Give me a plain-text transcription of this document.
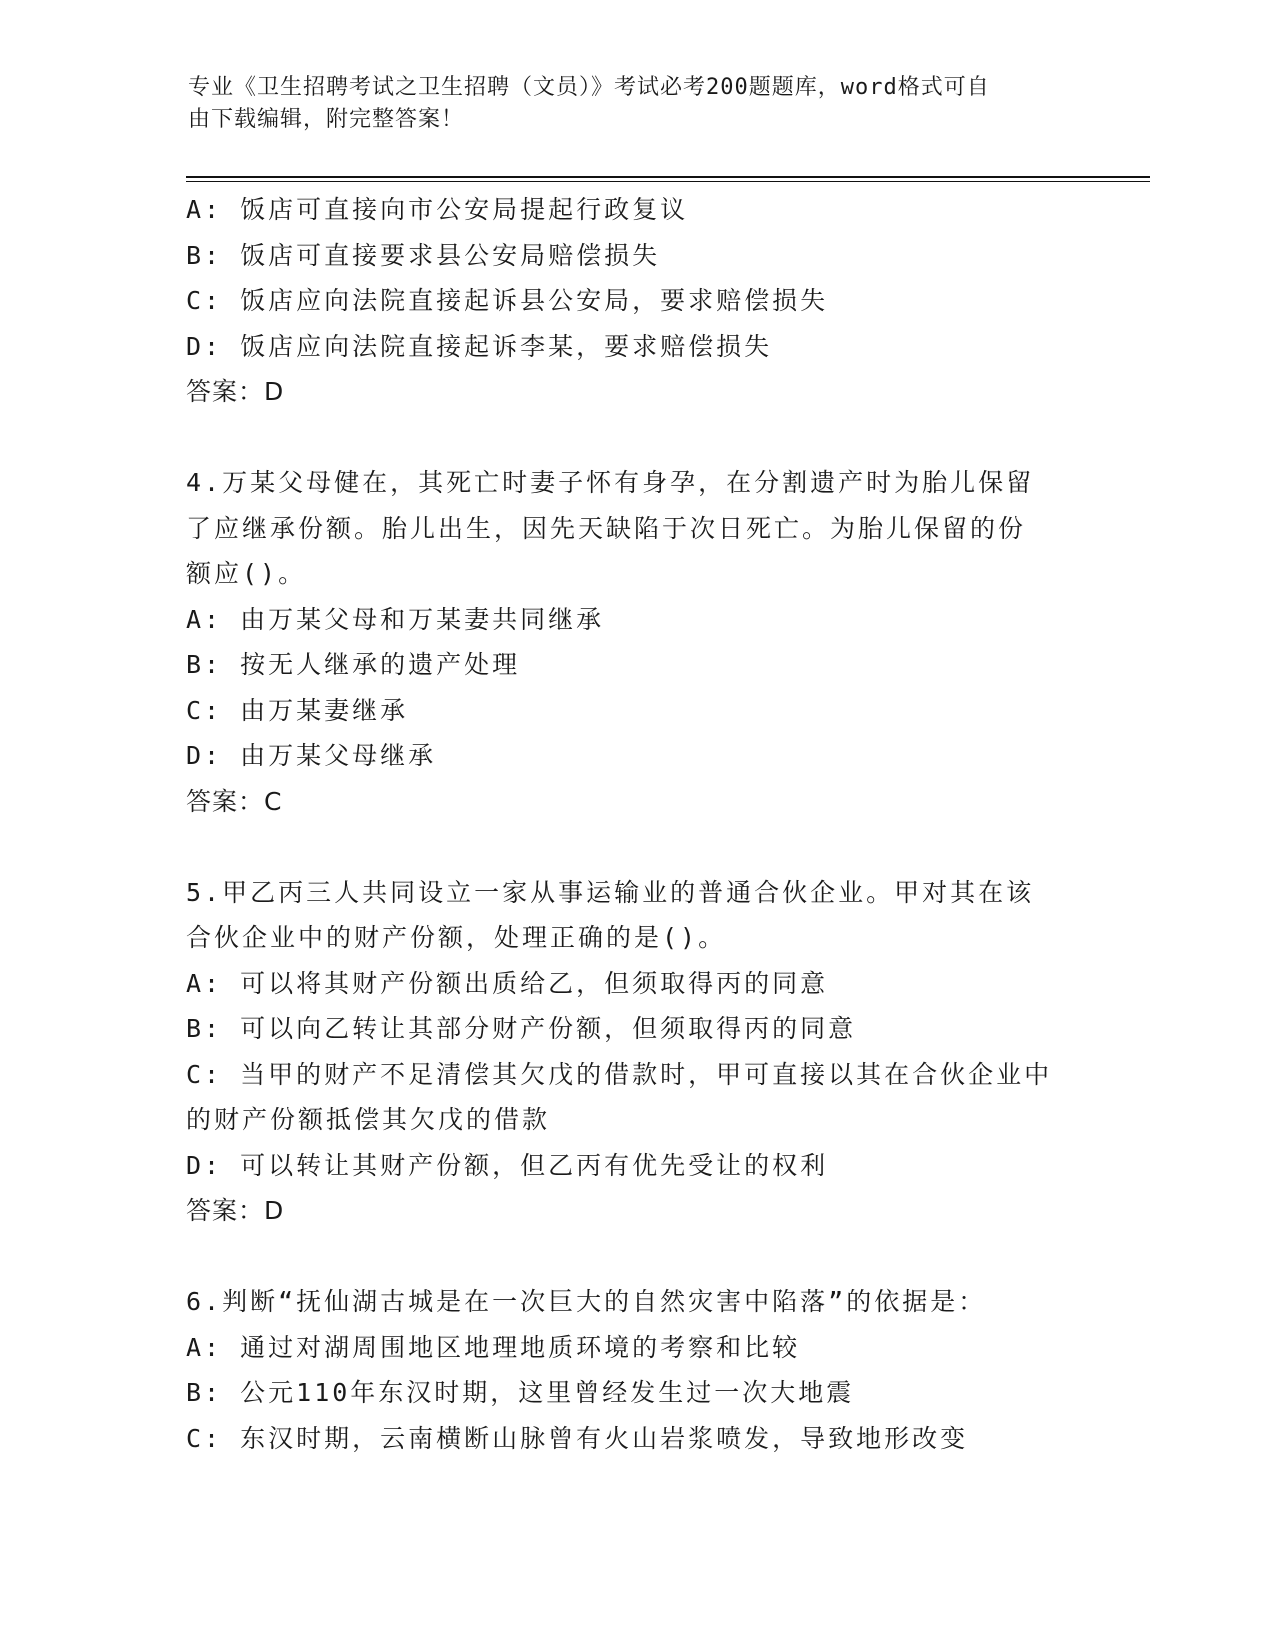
专业《卫生招聘考试之卫生招聘（文员）》考试必考200题题库，word格式可自
由下载编辑，附完整答案！
A: 饭店可直接向市公安局提起行政复议
B: 饭店可直接要求县公安局赔偿损失
C: 饭店应向法院直接起诉县公安局，要求赔偿损失
D: 饭店应向法院直接起诉李某，要求赔偿损失
答案：D
4.万某父母健在，其死亡时妻子怀有身孕，在分割遗产时为胎儿保留
了应继承份额。胎儿出生，因先天缺陷于次日死亡。为胎儿保留的份
额应()。
A: 由万某父母和万某妻共同继承
B: 按无人继承的遗产处理
C: 由万某妻继承
D: 由万某父母继承
答案：C
5.甲乙丙三人共同设立一家从事运输业的普通合伙企业。甲对其在该
合伙企业中的财产份额，处理正确的是()。
A: 可以将其财产份额出质给乙，但须取得丙的同意
B: 可以向乙转让其部分财产份额，但须取得丙的同意
C: 当甲的财产不足清偿其欠戊的借款时，甲可直接以其在合伙企业中
的财产份额抵偿其欠戊的借款
D: 可以转让其财产份额，但乙丙有优先受让的权利
答案：D
6.判断“抚仙湖古城是在一次巨大的自然灾害中陷落”的依据是：
A: 通过对湖周围地区地理地质环境的考察和比较
B: 公元110年东汉时期，这里曾经发生过一次大地震
C: 东汉时期，云南横断山脉曾有火山岩浆喷发，导致地形改变
